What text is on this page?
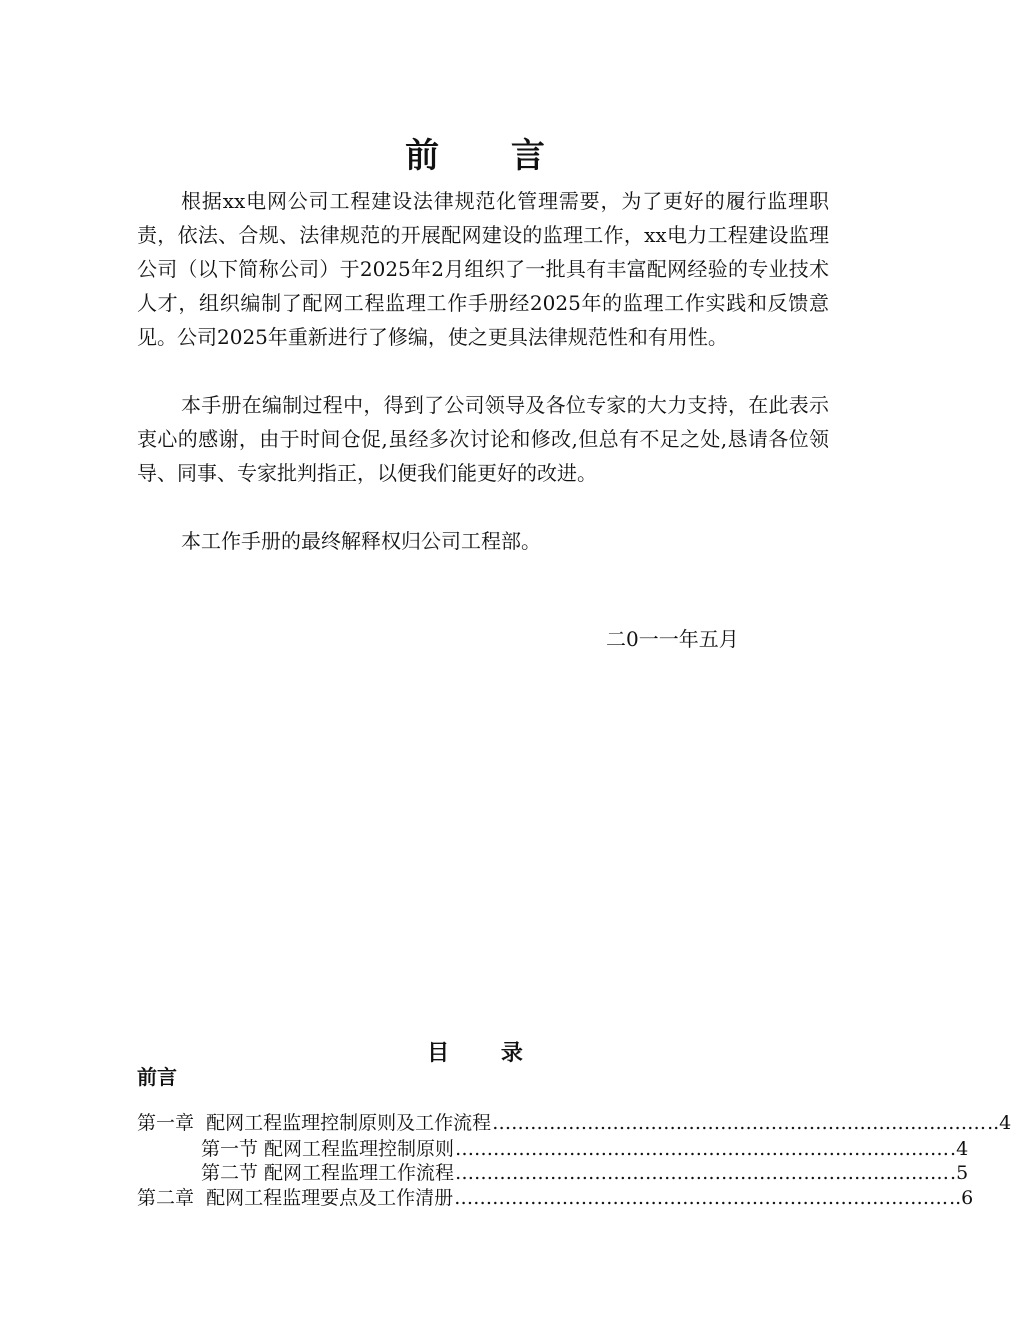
前 言

根据xx电网公司工程建设法律规范化管理需要，为了更好的履行监理职责，依法、合规、法律规范的开展配网建设的监理工作，xx电力工程建设监理公司（以下简称公司）于2025年2月组织了一批具有丰富配网经验的专业技术人才，组织编制了配网工程监理工作手册经2025年的监理工作实践和反馈意见。公司2025年重新进行了修编，使之更具法律规范性和有用性。

本手册在编制过程中，得到了公司领导及各位专家的大力支持，在此表示衷心的感谢，由于时间仓促,虽经多次讨论和修改,但总有不足之处,恳请各位领导、同事、专家批判指正，以便我们能更好的改进。

本工作手册的最终解释权归公司工程部。

二0一一年五月
目 录
前言
第一章  配网工程监理控制原则及工作流程 …………………………………………………………………… ..4
第一节 配网工程监理控制原则 …………………………………………………………………… .4
第二节 配网工程监理工作流程 …………………………………………………………………… .5
第二章  配网工程监理要点及工作清册 …………………………………………………………………… ..6
